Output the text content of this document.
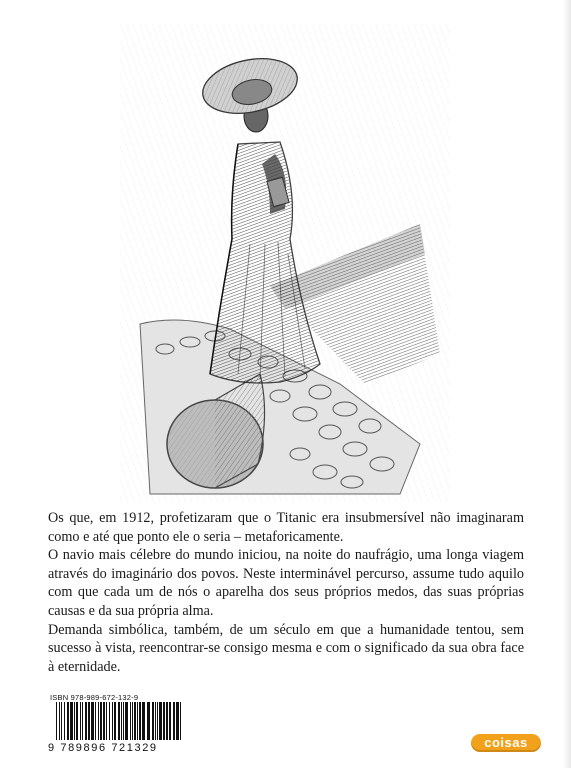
Os que, em 1912, profetizaram que o Titanic era insubmersível não imaginaram como e até que ponto ele o seria – metaforicamente.

O navio mais célebre do mundo iniciou, na noite do naufrágio, uma longa viagem através do imaginário dos povos. Neste interminável percurso, assume tudo aquilo com que cada um de nós o aparelha dos seus próprios medos, das suas próprias causas e da sua própria alma.

Demanda simbólica, também, de um século em que a humanidade tentou, sem sucesso à vista, reencontrar-se consigo mesma e com o significado da sua obra face à eternidade.

ISBN 978-989-672-132-9
9 789896 721329	coisas
